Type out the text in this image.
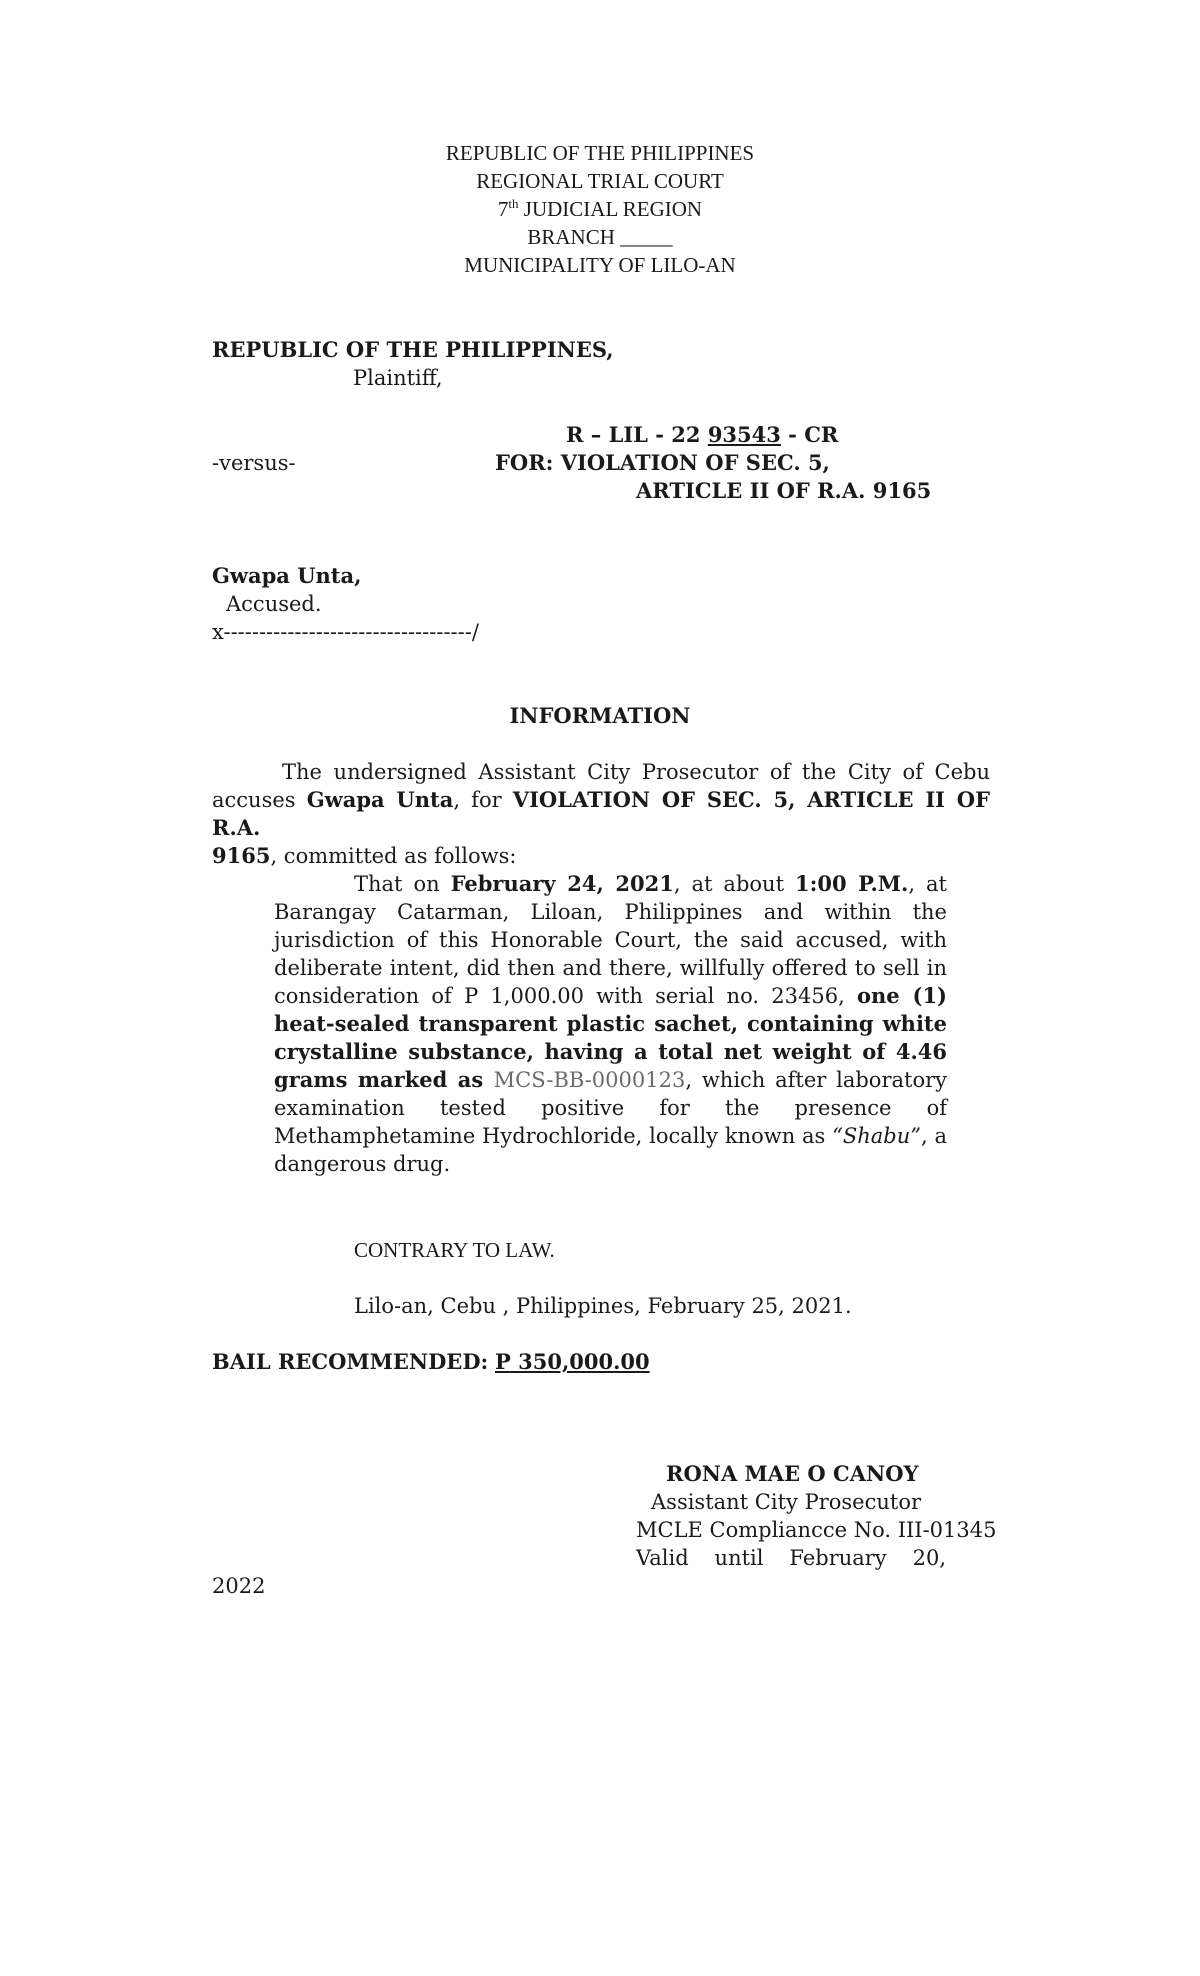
REPUBLIC OF THE PHILIPPINES
REGIONAL TRIAL COURT
7th JUDICIAL REGION
BRANCH _____
MUNICIPALITY OF LILO-AN
REPUBLIC OF THE PHILIPPINES,
Plaintiff,
R – LIL - 22 93543 - CR
-versus-	FOR: VIOLATION OF SEC. 5,
ARTICLE II OF R.A. 9165
Gwapa Unta,
Accused.
x-----------------------------------/
INFORMATION
The undersigned Assistant City Prosecutor of the City of Cebu
accuses Gwapa Unta, for VIOLATION OF SEC. 5, ARTICLE II OF R.A.
9165, committed as follows:
That on February 24, 2021, at about 1:00 P.M., at
Barangay Catarman, Liloan, Philippines and within the
jurisdiction of this Honorable Court, the said accused, with
deliberate intent, did then and there, willfully offered to sell in
consideration of P 1,000.00 with serial no. 23456, one (1)
heat-sealed transparent plastic sachet, containing white
crystalline substance, having a total net weight of 4.46
grams marked as MCS-BB-0000123, which after laboratory
examination tested positive for the presence of
Methamphetamine Hydrochloride, locally known as “Shabu”, a
dangerous drug.
CONTRARY TO LAW.
Lilo-an, Cebu , Philippines, February 25, 2021.
BAIL RECOMMENDED: P 350,000.00
RONA MAE O CANOY
Assistant City Prosecutor
MCLE Compliancce No. III-01345
Valid until February 20,
2022
